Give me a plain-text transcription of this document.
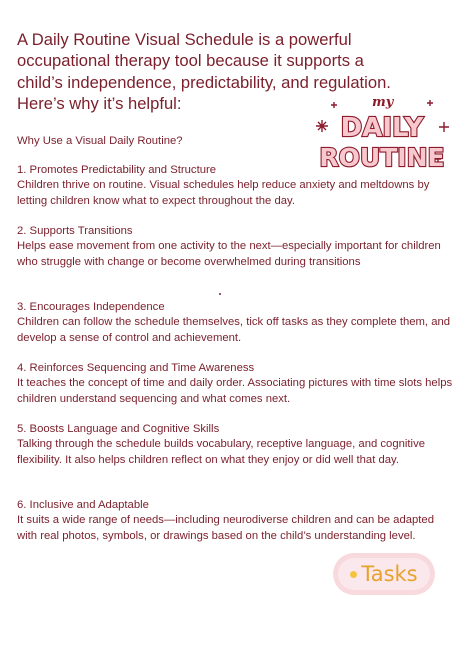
A Daily Routine Visual Schedule is a powerful occupational therapy tool because it supports a child’s independence, predictability, and regulation. Here’s why it’s helpful:	my
DAILY
ROUTINE

Why Use a Visual Daily Routine?

1. Promotes Predictability and Structure
Children thrive on routine. Visual schedules help reduce anxiety and meltdowns by letting children know what to expect throughout the day.
2. Supports Transitions
Helps ease movement from one activity to the next—especially important for children who struggle with change or become overwhelmed during transitions
3. Encourages Independence
Children can follow the schedule themselves, tick off tasks as they complete them, and develop a sense of control and achievement.
4. Reinforces Sequencing and Time Awareness
It teaches the concept of time and daily order. Associating pictures with time slots helps children understand sequencing and what comes next.
5. Boosts Language and Cognitive Skills
Talking through the schedule builds vocabulary, receptive language, and cognitive flexibility. It also helps children reflect on what they enjoy or did well that day.
6. Inclusive and Adaptable
It suits a wide range of needs—including neurodiverse children and can be adapted with real photos, symbols, or drawings based on the child’s understanding level.
Tasks
